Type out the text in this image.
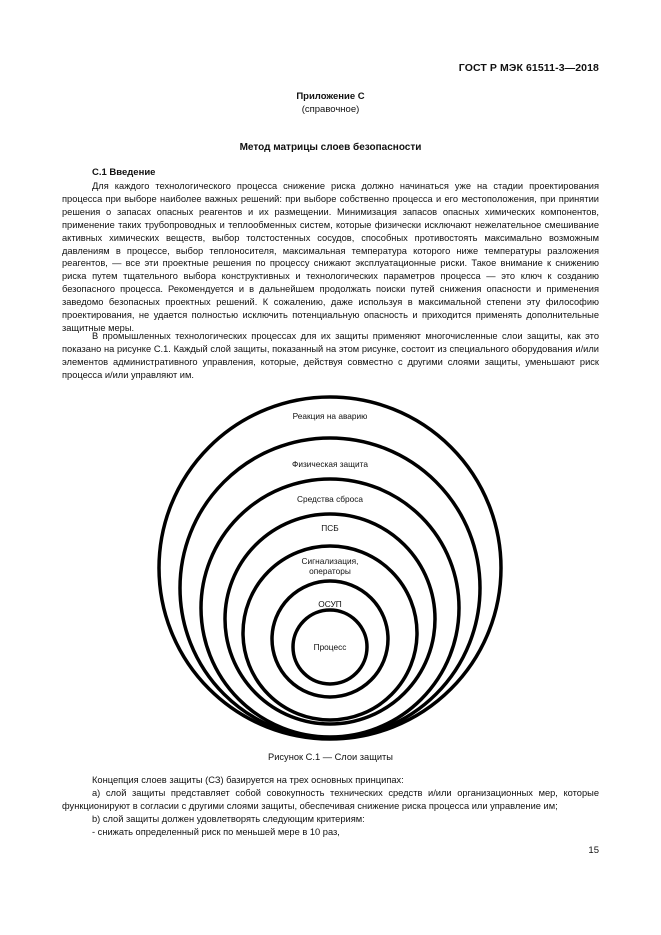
ГОСТ Р МЭК 61511-3—2018
Приложение С
(справочное)
Метод матрицы слоев безопасности
С.1 Введение

Для каждого технологического процесса снижение риска должно начинаться уже на стадии проектирования процесса при выборе наиболее важных решений: при выборе собственно процесса и его местоположения, при принятии решения о запасах опасных реагентов и их размещении. Минимизация запасов опасных химических компонентов, применение таких трубопроводных и теплообменных систем, которые физически исключают нежелательное смешивание активных химических веществ, выбор толстостенных сосудов, способных противостоять максимально возможным давлениям в процессе, выбор теплоносителя, максимальная температура которого ниже температуры разложения реагентов, — все эти проектные решения по процессу снижают эксплуатационные риски. Такое внимание к снижению риска путем тщательного выбора конструктивных и технологических параметров процесса — это ключ к созданию безопасного процесса. Рекомендуется и в дальнейшем продолжать поиски путей снижения опасности и применения заведомо безопасных проектных решений. К сожалению, даже используя в максимальной степени эту философию проектирования, не удается полностью исключить потенциальную опасность и приходится применять дополнительные защитные меры.

В промышленных технологических процессах для их защиты применяют многочисленные слои защиты, как это показано на рисунке С.1. Каждый слой защиты, показанный на этом рисунке, состоит из специального оборудования и/или элементов административного управления, которые, действуя совместно с другими слоями защиты, уменьшают риск процесса и/или управляют им.

Реакция на аварию
Физическая защита
Средства сброса
ПСБ
Сигнализация, операторы
ОСУП
Процесс
Рисунок С.1 — Слои защиты

Концепция слоев защиты (СЗ) базируется на трех основных принципах:

а) слой защиты представляет собой совокупность технических средств и/или организационных мер, которые функционируют в согласии с другими слоями защиты, обеспечивая снижение риска процесса или управление им;

b) слой защиты должен удовлетворять следующим критериям:

- снижать определенный риск по меньшей мере в 10 раз,

15
